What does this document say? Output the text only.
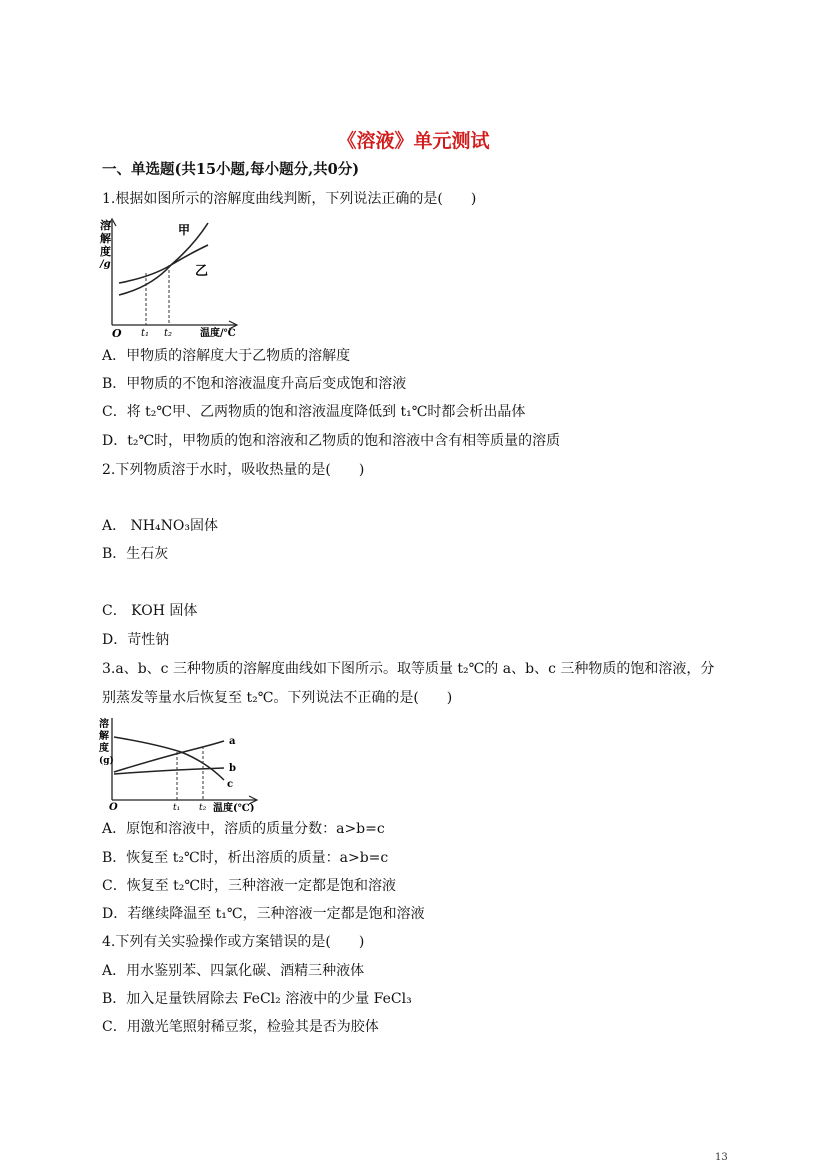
《溶液》单元测试
一、单选题(共15小题,每小题分,共0分)
1.根据如图所示的溶解度曲线判断，下列说法正确的是(　　)
溶
解
度
/g
甲
乙
O t₁ t₂	温度/℃
A．甲物质的溶解度大于乙物质的溶解度
B．甲物质的不饱和溶液温度升高后变成饱和溶液
C．将 t₂℃甲、乙两物质的饱和溶液温度降低到 t₁℃时都会析出晶体
D．t₂℃时，甲物质的饱和溶液和乙物质的饱和溶液中含有相等质量的溶质
2.下列物质溶于水时，吸收热量的是(　　)
A． NH₄NO₃固体
B．生石灰
C． KOH 固体
D．苛性钠
3.a、b、c 三种物质的溶解度曲线如下图所示。取等质量 t₂℃的 a、b、c 三种物质的饱和溶液，分
别蒸发等量水后恢复至 t₂℃。下列说法不正确的是(　　)
溶
解
度
(g)
a
b
c
O	t₁ t₂ 温度(℃)
A．原饱和溶液中，溶质的质量分数：a>b=c
B．恢复至 t₂℃时，析出溶质的质量：a>b=c
C．恢复至 t₂℃时，三种溶液一定都是饱和溶液
D．若继续降温至 t₁℃，三种溶液一定都是饱和溶液
4.下列有关实验操作或方案错误的是(　　)
A．用水鉴别苯、四氯化碳、酒精三种液体
B．加入足量铁屑除去 FeCl₂ 溶液中的少量 FeCl₃
C．用激光笔照射稀豆浆，检验其是否为胶体
13
